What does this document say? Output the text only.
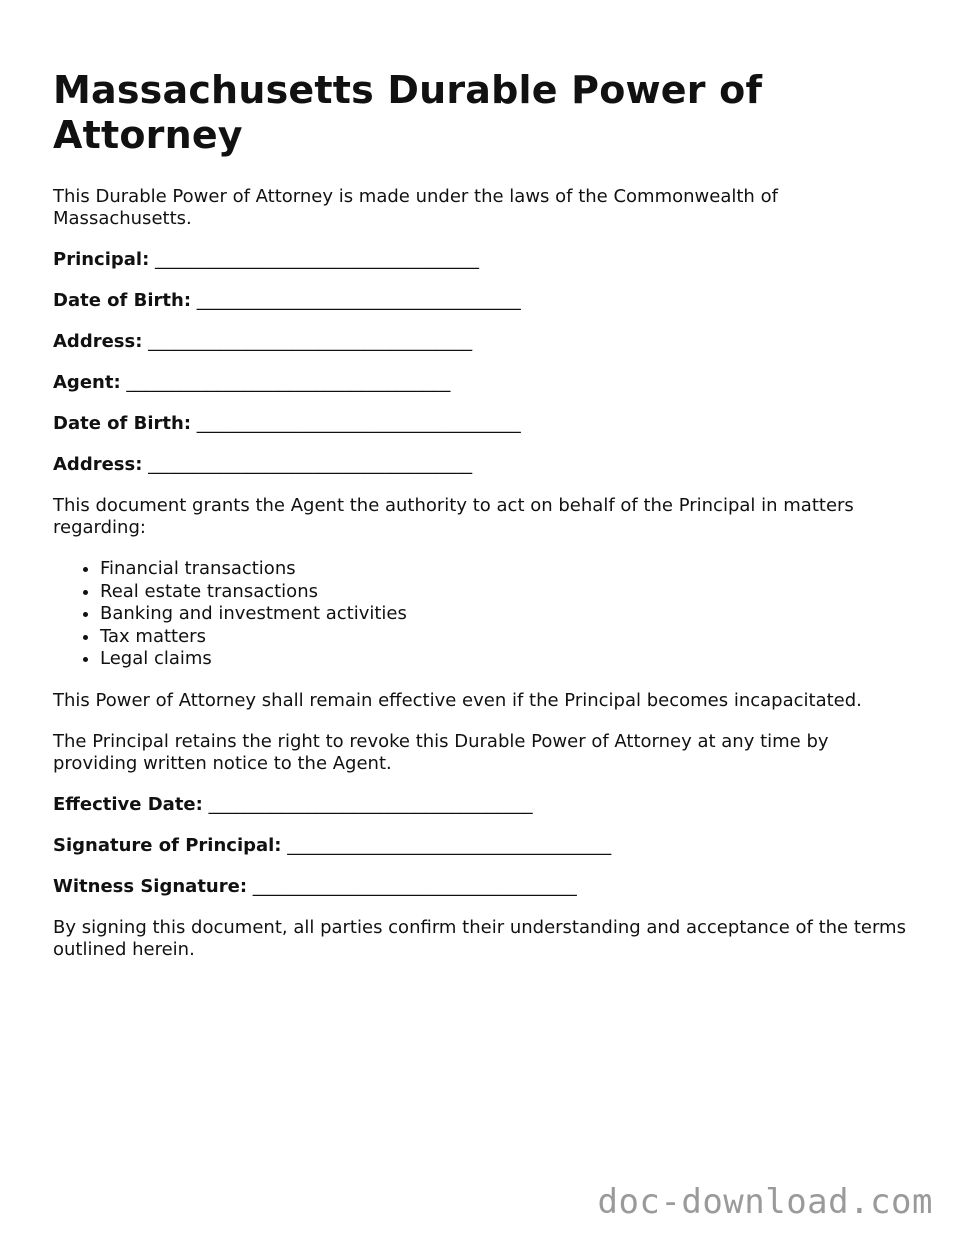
Massachusetts Durable Power of Attorney

This Durable Power of Attorney is made under the laws of the Commonwealth of Massachusetts.

Principal: ____________________________________
Date of Birth: ____________________________________
Address: ____________________________________
Agent: ____________________________________
Date of Birth: ____________________________________
Address: ____________________________________

This document grants the Agent the authority to act on behalf of the Principal in matters regarding:

• Financial transactions
• Real estate transactions
• Banking and investment activities
• Tax matters
• Legal claims

This Power of Attorney shall remain effective even if the Principal becomes incapacitated.

The Principal retains the right to revoke this Durable Power of Attorney at any time by providing written notice to the Agent.

Effective Date: ____________________________________
Signature of Principal: ____________________________________
Witness Signature: ____________________________________

By signing this document, all parties confirm their understanding and acceptance of the terms outlined herein.

doc-download.com
